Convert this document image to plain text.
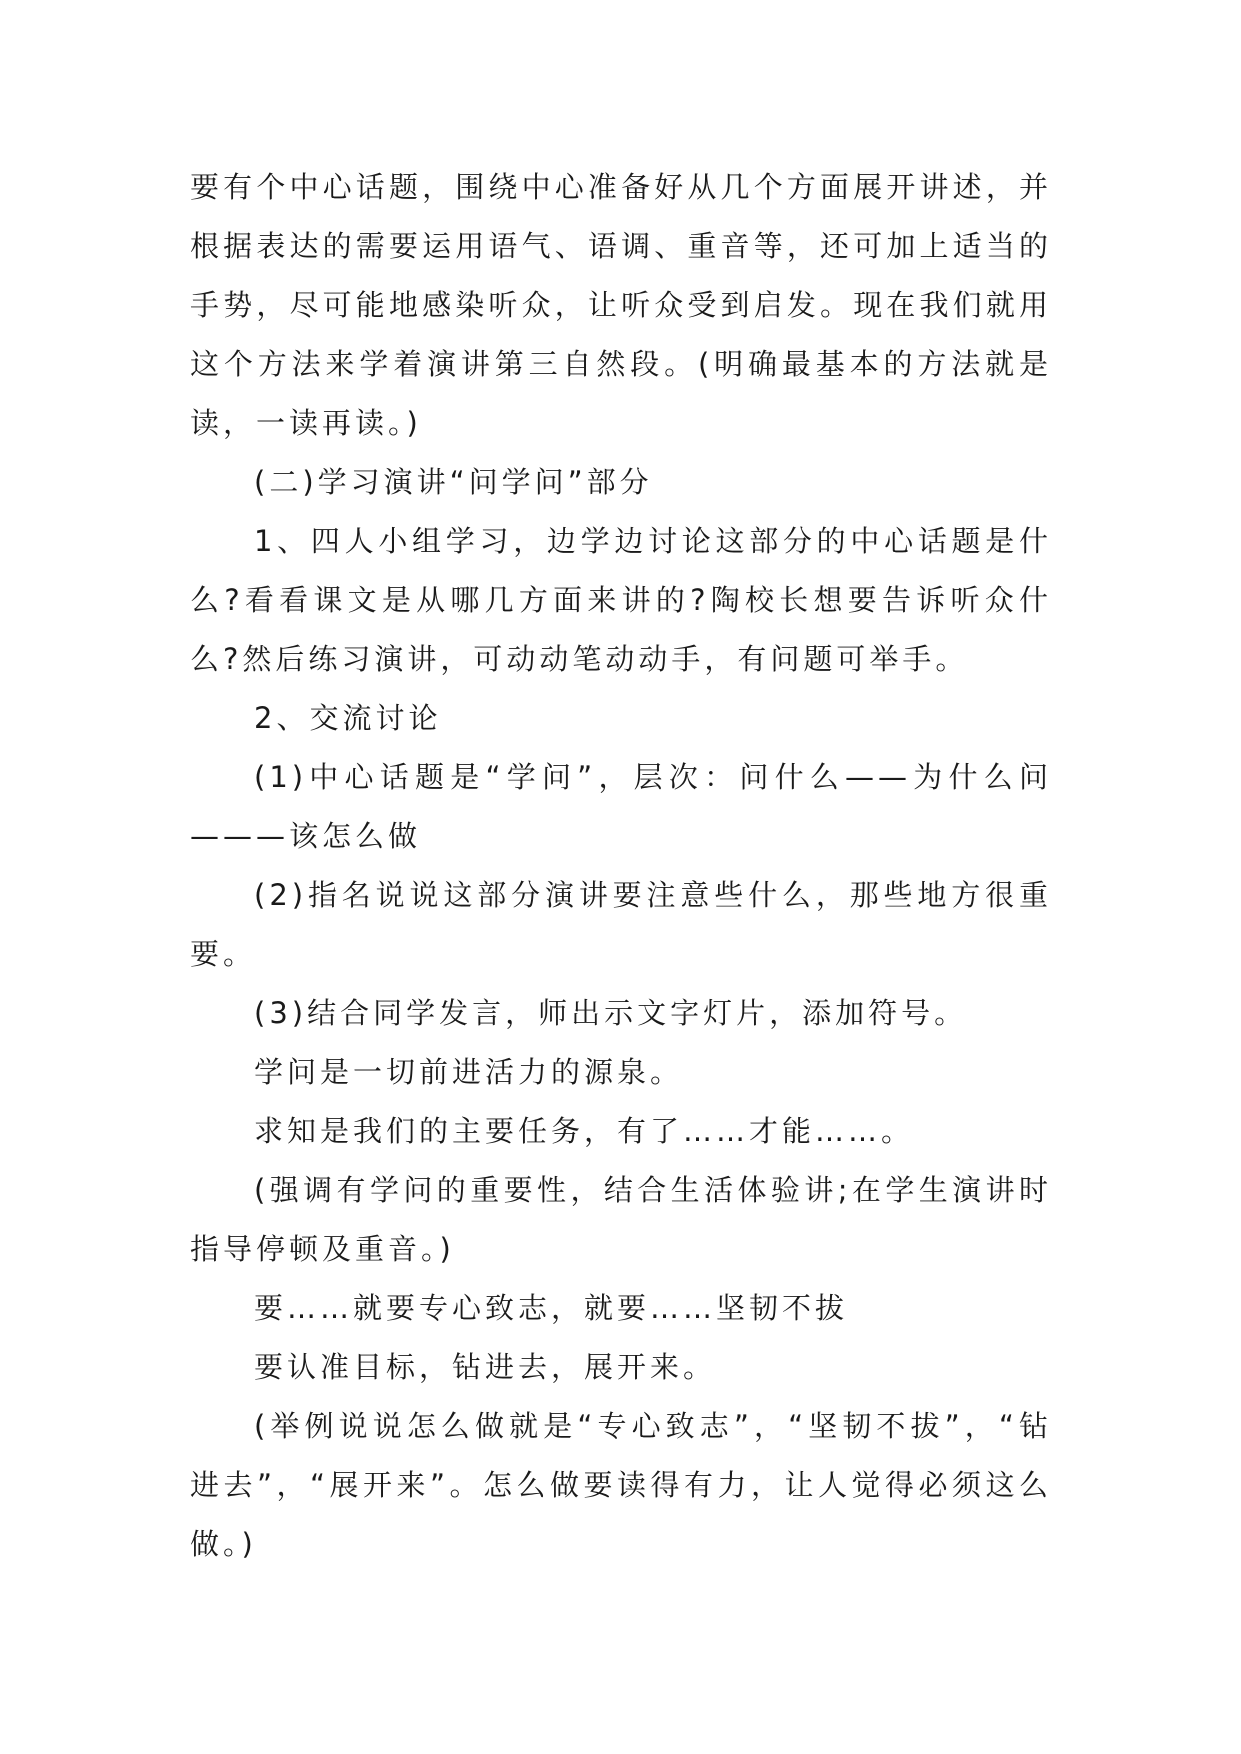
要有个中心话题，围绕中心准备好从几个方面展开讲述，并根据表达的需要运用语气、语调、重音等，还可加上适当的手势，尽可能地感染听众，让听众受到启发。现在我们就用这个方法来学着演讲第三自然段。(明确最基本的方法就是读，一读再读。)

(二)学习演讲“问学问”部分

1、四人小组学习，边学边讨论这部分的中心话题是什么?看看课文是从哪几方面来讲的?陶校长想要告诉听众什么?然后练习演讲，可动动笔动动手，有问题可举手。

2、交流讨论

(1)中心话题是“学问”，层次：问什么——为什么问———该怎么做

(2)指名说说这部分演讲要注意些什么，那些地方很重要。

(3)结合同学发言，师出示文字灯片，添加符号。

学问是一切前进活力的源泉。

求知是我们的主要任务，有了……才能……。

(强调有学问的重要性，结合生活体验讲;在学生演讲时指导停顿及重音。)

要……就要专心致志，就要……坚韧不拔

要认准目标，钻进去，展开来。

(举例说说怎么做就是“专心致志”，“坚韧不拔”，“钻进去”，“展开来”。怎么做要读得有力，让人觉得必须这么做。)
